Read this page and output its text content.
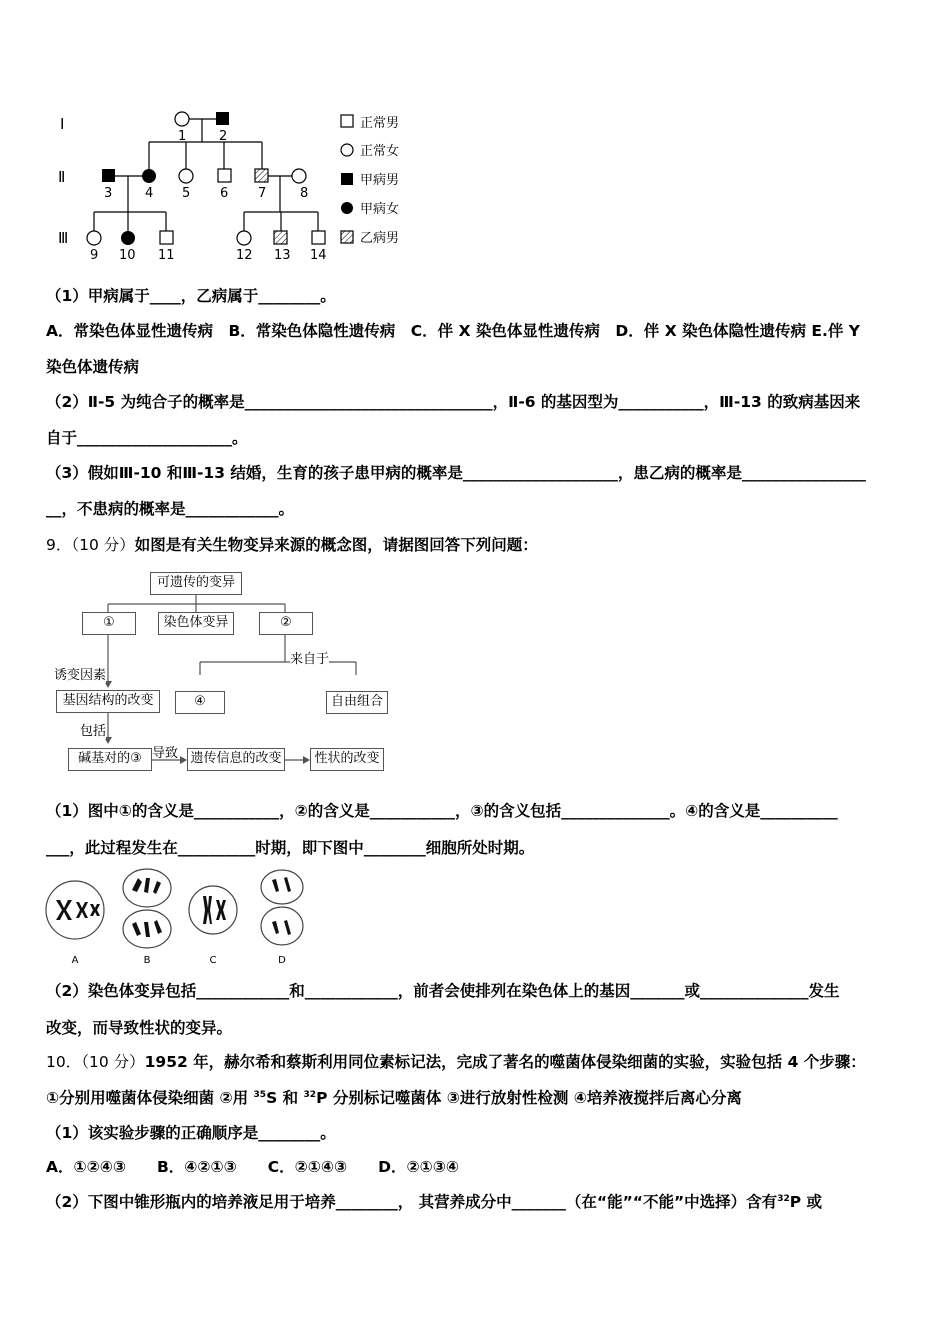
I
Ⅱ
Ⅲ
1	2
3	4 5 6 7	8
9 10 11	12 13 14
正常男
正常女
甲病男
甲病女
乙病男
（1）甲病属于____，乙病属于________。
A．常染色体显性遗传病　B．常染色体隐性遗传病　C．伴 X 染色体显性遗传病　D．伴 X 染色体隐性遗传病 E.伴 Y
染色体遗传病
（2）Ⅱ-5 为纯合子的概率是________________________________，Ⅱ-6 的基因型为___________，Ⅲ-13 的致病基因来
自于____________________。
（3）假如Ⅲ-10 和Ⅲ-13 结婚，生育的孩子患甲病的概率是____________________，患乙病的概率是________________
__，不患病的概率是____________。
9．（10 分）如图是有关生物变异来源的概念图，请据图回答下列问题：
可遗传的变异
①	染色体变异	②
来自于
④	自由组合
诱变因素
基因结构的改变
包括
碱基对的③ 导致 遗传信息的改变	性状的改变
（1）图中①的含义是___________，②的含义是___________，③的含义包括______________。④的含义是__________
___，此过程发生在__________时期，即下图中________细胞所处时期。
A	B	C	D
（2）染色体变异包括____________和____________，前者会使排列在染色体上的基因_______或______________发生
改变，而导致性状的变异。
10．（10 分）1952 年，赫尔希和蔡斯利用同位素标记法，完成了著名的噬菌体侵染细菌的实验，实验包括 4 个步骤：
①分别用噬菌体侵染细菌 ②用 $^{35}$S 和 $^{32}$P 分别标记噬菌体 ③进行放射性检测 ④培养液搅拌后离心分离
（1）该实验步骤的正确顺序是________。
A．①②④③　　B．④②①③　　C．②①④③　　D．②①③④
（2）下图中锥形瓶内的培养液足用于培养________， 其营养成分中_______（在“能”“不能”中选择）含有$^{32}$P 或
